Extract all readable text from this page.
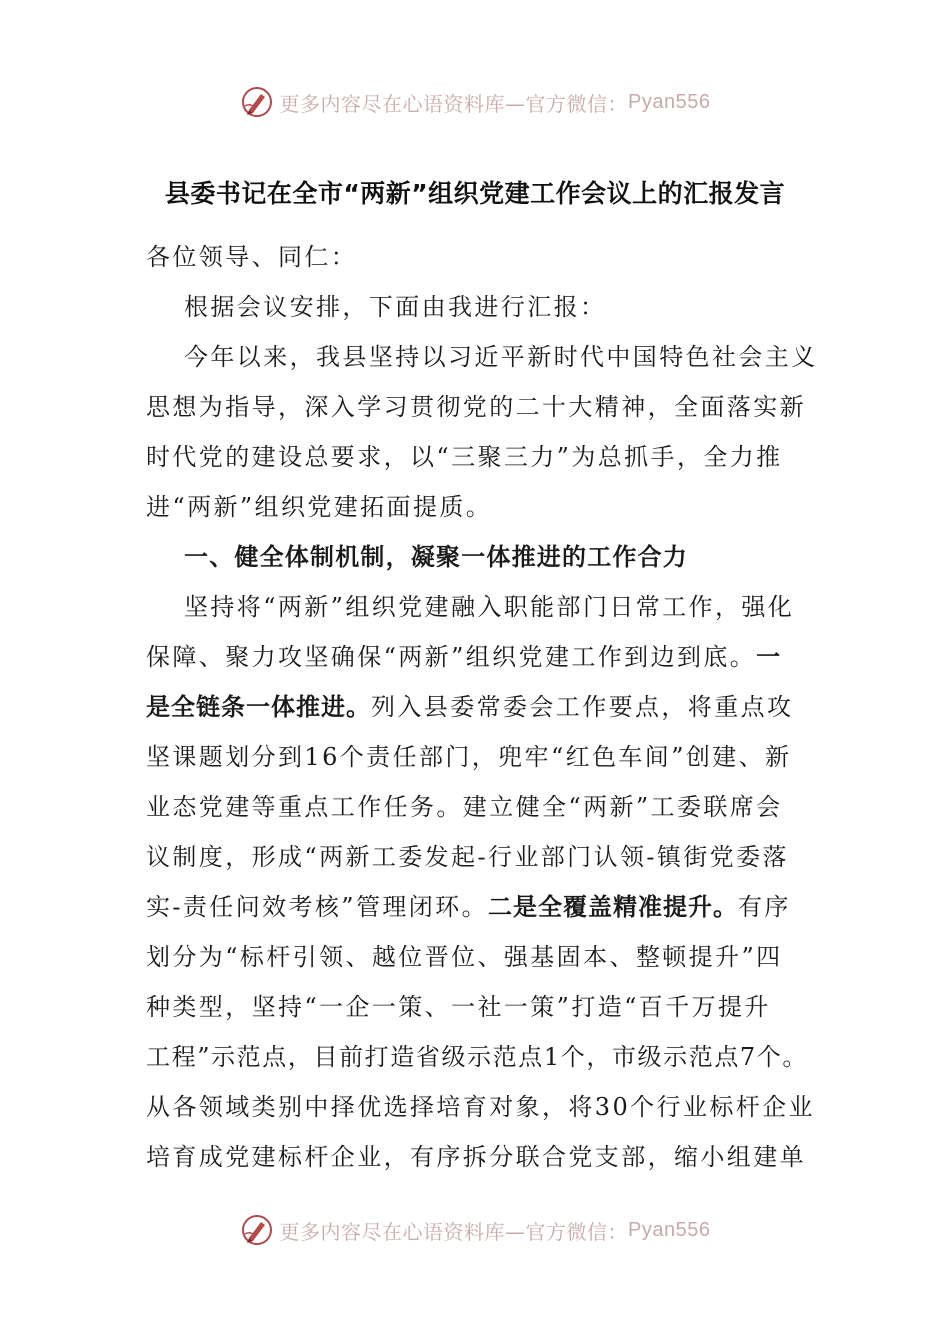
更多内容尽在心语资料库—官方微信： Pyan556
县委书记在全市“两新”组织党建工作会议上的汇报发言
各位领导、同仁：
根据会议安排，下面由我进行汇报：
今年以来，我县坚持以习近平新时代中国特色社会主义
思想为指导，深入学习贯彻党的二十大精神，全面落实新
时代党的建设总要求，以“三聚三力”为总抓手，全力推
进“两新”组织党建拓面提质。
一、健全体制机制，凝聚一体推进的工作合力
坚持将“两新”组织党建融入职能部门日常工作，强化
保障、聚力攻坚确保“两新”组织党建工作到边到底。一
是全链条一体推进。列入县委常委会工作要点，将重点攻
坚课题划分到16个责任部门，兜牢“红色车间”创建、新
业态党建等重点工作任务。建立健全“两新”工委联席会
议制度，形成“两新工委发起-行业部门认领-镇街党委落
实-责任问效考核”管理闭环。二是全覆盖精准提升。有序
划分为“标杆引领、越位晋位、强基固本、整顿提升”四
种类型，坚持“一企一策、一社一策”打造“百千万提升
工程”示范点，目前打造省级示范点1个，市级示范点7个。
从各领域类别中择优选择培育对象，将30个行业标杆企业
培育成党建标杆企业，有序拆分联合党支部，缩小组建单
更多内容尽在心语资料库—官方微信： Pyan556
